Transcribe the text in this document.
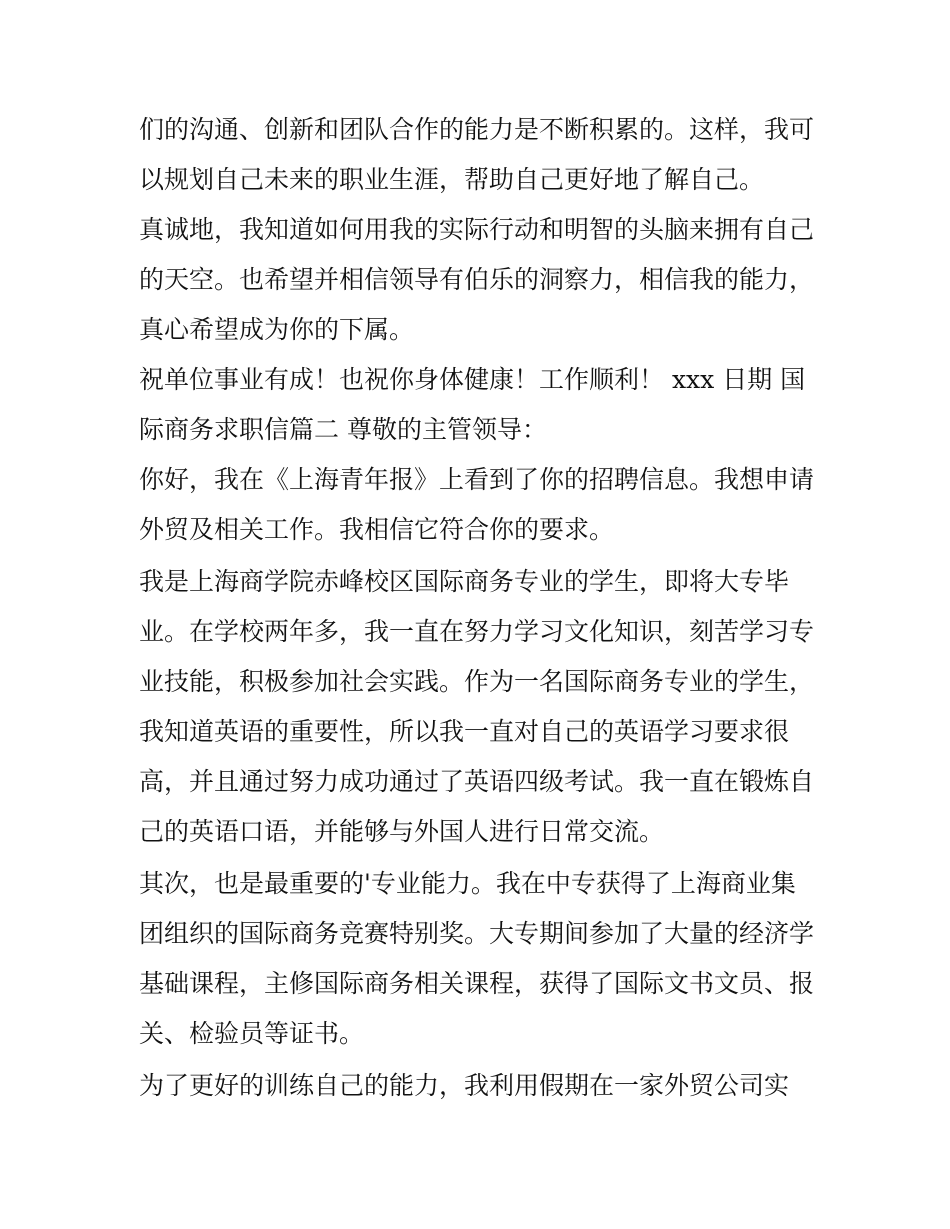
们的沟通、创新和团队合作的能力是不断积累的。这样，我可
以规划自己未来的职业生涯，帮助自己更好地了解自己。
真诚地，我知道如何用我的实际行动和明智的头脑来拥有自己
的天空。也希望并相信领导有伯乐的洞察力，相信我的能力，
真心希望成为你的下属。
祝单位事业有成！也祝你身体健康！工作顺利！ xxx 日期 国
际商务求职信篇二 尊敬的主管领导：
你好，我在《上海青年报》上看到了你的招聘信息。我想申请
外贸及相关工作。我相信它符合你的要求。
我是上海商学院赤峰校区国际商务专业的学生，即将大专毕
业。在学校两年多，我一直在努力学习文化知识，刻苦学习专
业技能，积极参加社会实践。作为一名国际商务专业的学生，
我知道英语的重要性，所以我一直对自己的英语学习要求很
高，并且通过努力成功通过了英语四级考试。我一直在锻炼自
己的英语口语，并能够与外国人进行日常交流。
其次，也是最重要的'专业能力。我在中专获得了上海商业集
团组织的国际商务竞赛特别奖。大专期间参加了大量的经济学
基础课程，主修国际商务相关课程，获得了国际文书文员、报
关、检验员等证书。
为了更好的训练自己的能力，我利用假期在一家外贸公司实
